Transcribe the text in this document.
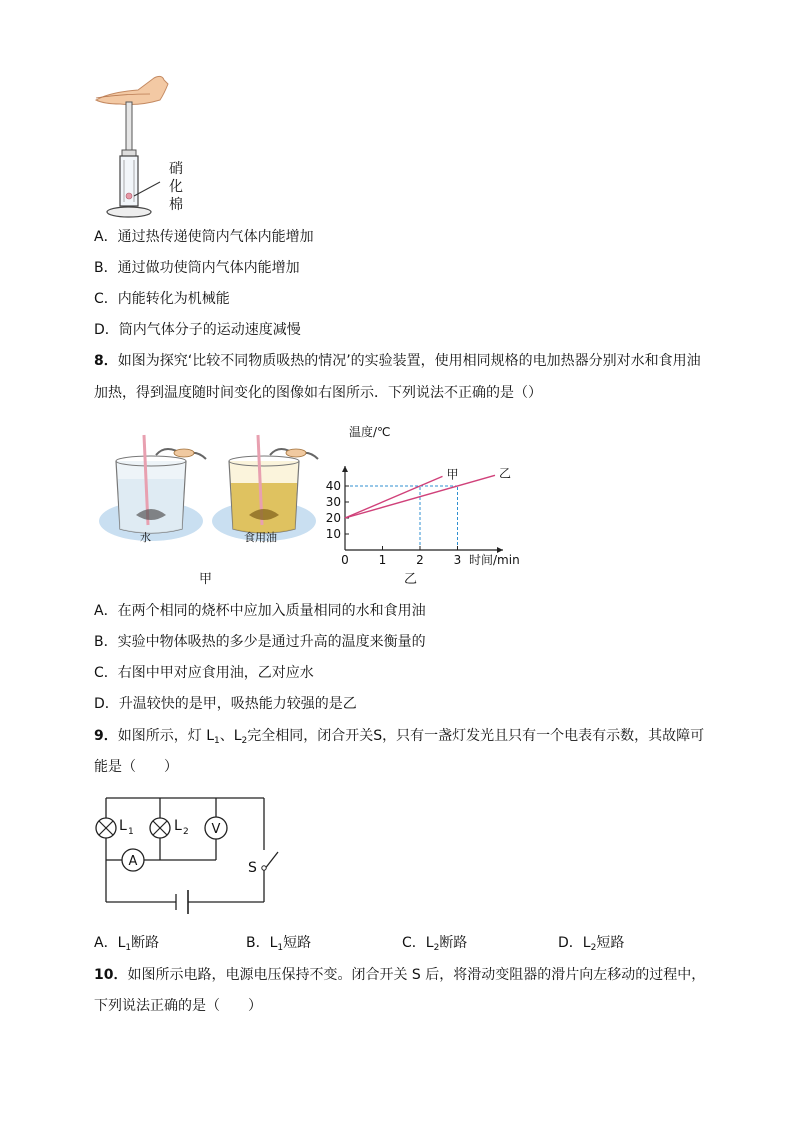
硝
化
棉
A．通过热传递使筒内气体内能增加
B．通过做功使筒内气体内能增加
C．内能转化为机械能
D．筒内气体分子的运动速度减慢
8．如图为探究‘比较不同物质吸热的情况’的实验装置，使用相同规格的电加热器分别对水和食用油
加热，得到温度随时间变化的图像如右图所示．下列说法不正确的是（）
水	食用油
甲	乙
0 1 2 3
10
20
30
40
甲	乙
温度/℃
时间/min
A．在两个相同的烧杯中应加入质量相同的水和食用油
B．实验中物体吸热的多少是通过升高的温度来衡量的
C．右图中甲对应食用油，乙对应水
D．升温较快的是甲，吸热能力较强的是乙
9．如图所示，灯 $L_1$、$L_2$完全相同，闭合开关S，只有一盏灯发光且只有一个电表有示数，其故障可
能是（　　）
L 1	L 2 V
A	S
A．$L_1$断路	B．$L_1$短路	C．$L_2$断路	D．$L_2$短路
10．如图所示电路，电源电压保持不变。闭合开关 S 后，将滑动变阻器的滑片向左移动的过程中，
下列说法正确的是（　　）
